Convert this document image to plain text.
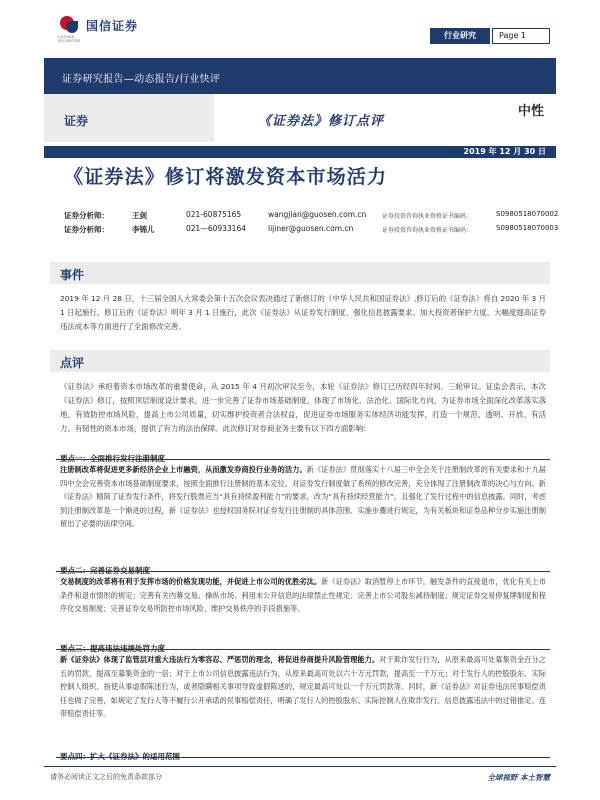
国信证券
GUOSEN SECURITIES
行业研究	Page 1
证券研究报告—动态报告/行业快评
证券	《证券法》修订点评
中性
2019 年 12 月 30 日
《证券法》修订将激发资本市场活力
证券分析师：	王剑	021-60875165	wangjian@guosen.com.cn	证券投资咨询执业资格证书编码：	S0980518070002
证券分析师：	李锦儿	021—60933164	lijiner@guosen.com.cn	证券投资咨询执业资格证书编码：	S0980518070003
事件
2019 年 12 月 28 日，十三届全国人大常委会第十五次会议表决通过了新修订的《中华人民共和国证券法》,修订后的《证券法》将自 2020 年 3 月 1 日起施行。修订后的《证券法》明年 3 月 1 日施行，此次《证券法》从证券发行制度、强化信息披露要求、加大投资者保护力度、大幅度提高证券违法成本等方面进行了全面修改完善。
点评
《证券法》承担着资本市场改革的重要使命，从 2015 年 4 月初次审议至今，本轮《证券法》修订已历经四年时间、三轮审议。证监会表示，本次《证券法》修订，按照顶层制度设计要求，进一步完善了证券市场基础制度，体现了市场化、法治化、国际化方向，为证券市场全面深化改革落实落地，有效防控市场风险，提高上市公司质量，切实维护投资者合法权益，促进证券市场服务实体经济功能发挥，打造一个规范、透明、开放、有活力、有韧性的资本市场，提供了有力的法治保障。此次修订对券商业务主要有以下四方面影响：
要点一：全面推行发行注册制度
注册制改革将促进更多新经济企业上市融资，从而激发券商投行业务的活力。新《证券法》贯彻落实十八届三中全会关于注册制改革的有关要求和十九届四中全会完善资本市场基础制度要求，按照全面推行注册制的基本定位，对证券发行制度做了系统的修改完善，充分体现了注册制改革的决心与方向。新《证券法》精简了证券发行条件，将发行股票应当“具有持续盈利能力”的要求，改为“具有持续经营能力”，且强化了发行过程中的信息披露。同时，考虑到注册制改革是一个渐进的过程，新《证券法》也授权国务院对证券发行注册制的具体范围、实施步骤进行规定，为有关板块和证券品种分步实施注册制留出了必要的法律空间。
要点二：完善证券交易制度
交易制度的改革将有利于发挥市场的价格发现功能，并促进上市公司的优胜劣汰。新《证券法》取消暂停上市环节，触发条件的直接退市，优化有关上市条件和退市情形的规定；完善有关内幕交易、操纵市场、利用未公开信息的法律禁止性规定；完善上市公司股东减持制度；规定证券交易停复牌制度和程序化交易制度；完善证券交易所防控市场风险、维护交易秩序的手段措施等。
要点三：提高违法违规处罚力度
新《证券法》体现了监管层对重大违法行为零容忍、严惩罚的理念，将促进券商提升风险管理能力。对于欺诈发行行为，从原来最高可处募集资金百分之五的罚款，提高至募集资金的一倍；对于上市公司信息披露违法行为，从原来最高可处以六十万元罚款，提高至一千万元；对于发行人的控股股东、实际控制人组织、指使从事虚假陈述行为，或者隐瞒相关事项导致虚假陈述的，规定最高可处以一千万元罚款等。同时，新《证券法》对证券违法民事赔偿责任也做了完善，如规定了发行人等不履行公开承诺的民事赔偿责任，明确了发行人的控股股东、实际控制人在欺诈发行、信息披露违法中的过错推定、连带赔偿责任等。
要点四：扩大《证券法》的适用范围
请务必阅读正文之后的免责条款部分	全球视野 本土智慧
